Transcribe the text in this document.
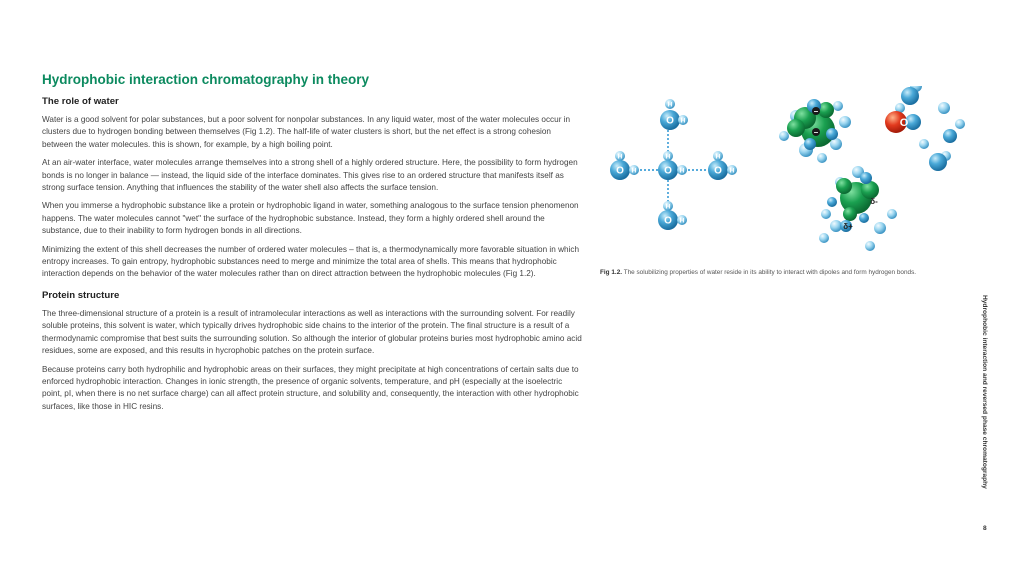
Hydrophobic interaction chromatography in theory
The role of water

Water is a good solvent for polar substances, but a poor solvent for nonpolar substances. In any liquid water, most of the water molecules occur in clusters due to hydrogen bonding between themselves (Fig 1.2). The half-life of water clusters is short, but the net effect is a strong cohesion between the water molecules. this is shown, for example, by a high boiling point.

At an air-water interface, water molecules arrange themselves into a strong shell of a highly ordered structure. Here, the possibility to form hydrogen bonds is no longer in balance — instead, the liquid side of the interface dominates. This gives rise to an ordered structure that manifests itself as strong surface tension. Anything that influences the stability of the water shell also affects the surface tension.

When you immerse a hydrophobic substance like a protein or hydrophobic ligand in water, something analogous to the surface tension phenomenon happens. The water molecules cannot "wet" the surface of the hydrophobic substance. Instead, they form a highly ordered shell around the substance, due to their inability to form hydrogen bonds in all directions.

Minimizing the extent of this shell decreases the number of ordered water molecules – that is, a thermodynamically more favorable situation in which entropy increases. To gain entropy, hydrophobic substances need to merge and minimize the total area of shells. This means that hydrophobic interaction depends on the behavior of the water molecules rather than on direct attraction between the hydrophobic molecules (Fig 1.2).

Protein structure

The three-dimensional structure of a protein is a result of intramolecular interactions as well as interactions with the surrounding solvent. For readily soluble proteins, this solvent is water, which typically drives hydrophobic side chains to the interior of the protein. The final structure is a result of a thermodynamic compromise that best suits the surrounding solution. So although the interior of globular proteins buries most hydrophobic amino acid residues, some are exposed, and this results in hycrophobic patches on the protein surface.

Because proteins carry both hydrophilic and hydrophobic areas on their surfaces, they might precipitate at high concentrations of certain salts due to enforced hydrophobic interaction. Changes in ionic strength, the presence of organic solvents, temperature, and pH (especially at the isoelectric point, pI, when there is no net surface charge) can all affect protein structure, and solubility and, consequently, the interaction with other hydrophobic surfaces, like those in HIC resins.

H
O H
H
O H
H
O H
H
O H
H
O H
–
–
δ-
δ+
O	H
Fig 1.2. The solubilizing properties of water reside in its ability to interact with dipoles and form hydrogen bonds.
Hydrophobic interaction and reversed phase chromatography
8
